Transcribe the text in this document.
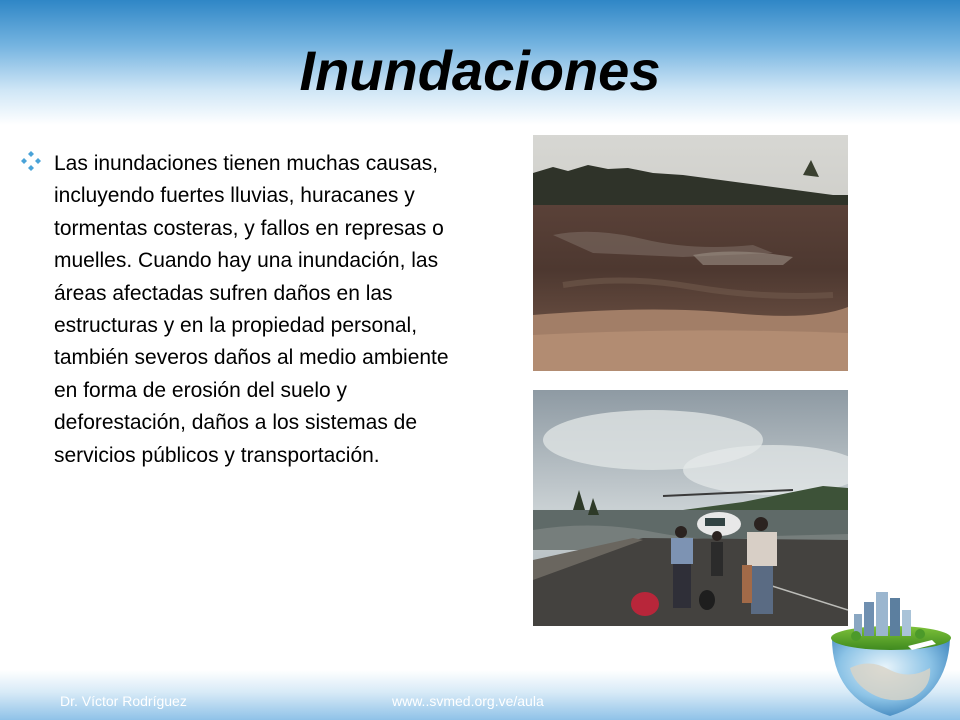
Inundaciones

Las inundaciones tienen muchas causas, incluyendo fuertes lluvias, huracanes y tormentas costeras, y fallos en represas o muelles. Cuando hay una inundación, las áreas afectadas sufren daños en las estructuras y en la propiedad personal, también severos daños al medio ambiente en forma de erosión del suelo y deforestación, daños a los sistemas de servicios públicos y transportación.

Dr. Víctor Rodríguez	www..svmed.org.ve/aula
